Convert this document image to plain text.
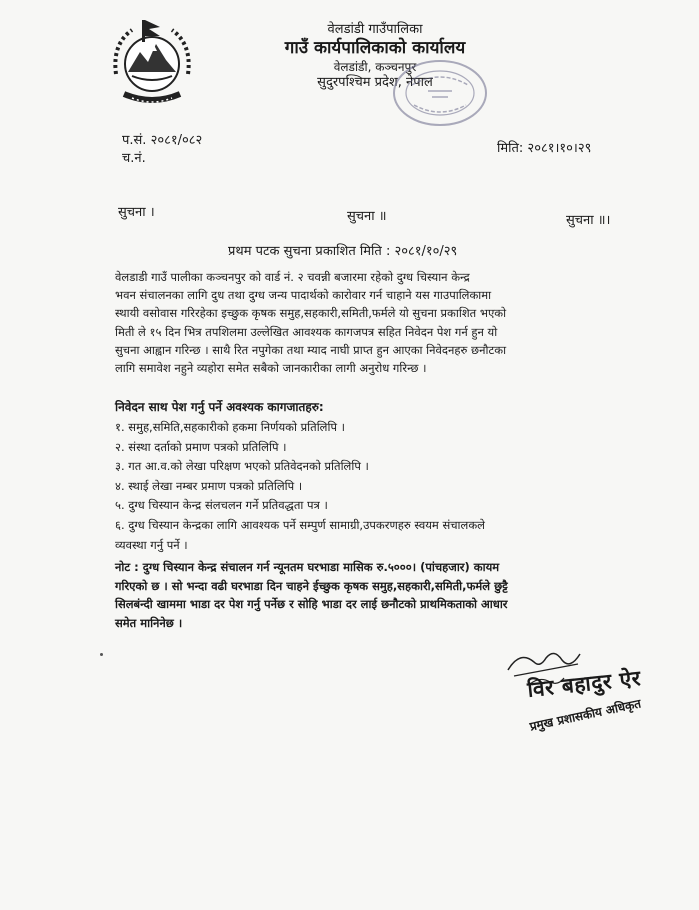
वेलडांडी गाउँपालिका
गाउँ कार्यपालिकाको कार्यालय
वेलडांडी, कञ्चनपुर
सुदुरपश्चिम प्रदेश, नेपाल
प.सं. २०८१/०८२
च.नं.
मिति: २०८१।१०।२९
सुचना ।	सुचना ॥	सुचना ॥।
प्रथम पटक सुचना प्रकाशित मिति : २०८१/१०/२९
वेलडाडी गाउँ पालीका कञ्चनपुर को वार्ड नं. २ चवन्नी बजारमा रहेको दुग्ध चिस्यान केन्द्र
भवन संचालनका लागि दुध तथा दुग्ध जन्य पादार्थको कारोवार गर्न चाहाने यस गाउपालिकामा
स्थायी वसोवास गरिरहेका इच्छुक कृषक समुह,सहकारी,समिती,फर्मले यो सुचना प्रकाशित भएको
मिती ले १५ दिन भित्र तपशिलमा उल्लेखित आवश्यक कागजपत्र सहित निवेदन पेश गर्न हुन यो
सुचना आह्वान गरिन्छ । साथै रित नपुगेका तथा म्याद नाघी प्राप्त हुन आएका निवेदनहरु छनौटका
लागि समावेश नहुने व्यहोरा समेत सबैको जानकारीका लागी अनुरोध गरिन्छ ।
निवेदन साथ पेश गर्नु पर्ने अवश्यक कागजातहरु:
१. समुह,समिति,सहकारीको हकमा निर्णयको प्रतिलिपि ।
२. संस्था दर्ताको प्रमाण पत्रको प्रतिलिपि ।
३. गत आ.व.को लेखा परिक्षण भएको प्रतिवेदनको प्रतिलिपि ।
४. स्थाई लेखा नम्बर प्रमाण पत्रको प्रतिलिपि ।
५. दुग्ध चिस्यान केन्द्र संलचलन गर्ने प्रतिवद्धता पत्र ।
६. दुग्ध चिस्यान केन्द्रका लागि आवश्यक पर्ने सम्पुर्ण सामाग्री,उपकरणहरु स्वयम संचालकले
व्यवस्था गर्नु पर्ने ।
नोट : दुग्ध चिस्यान केन्द्र संचालन गर्न न्यूनतम घरभाडा मासिक रु.५०००। (पांचहजार) कायम
गरिएको छ । सो भन्दा वढी घरभाडा दिन चाहने ईच्छुक कृषक समुह,सहकारी,समिती,फर्मले छुट्टै
सिलबंन्दी खाममा भाडा दर पेश गर्नु पर्नेछ र सोहि भाडा दर लाई छनौटको प्राथमिकताको आधार
समेत मानिनेछ ।
विर बहादुर ऐर
प्रमुख प्रशासकीय अधिकृत
